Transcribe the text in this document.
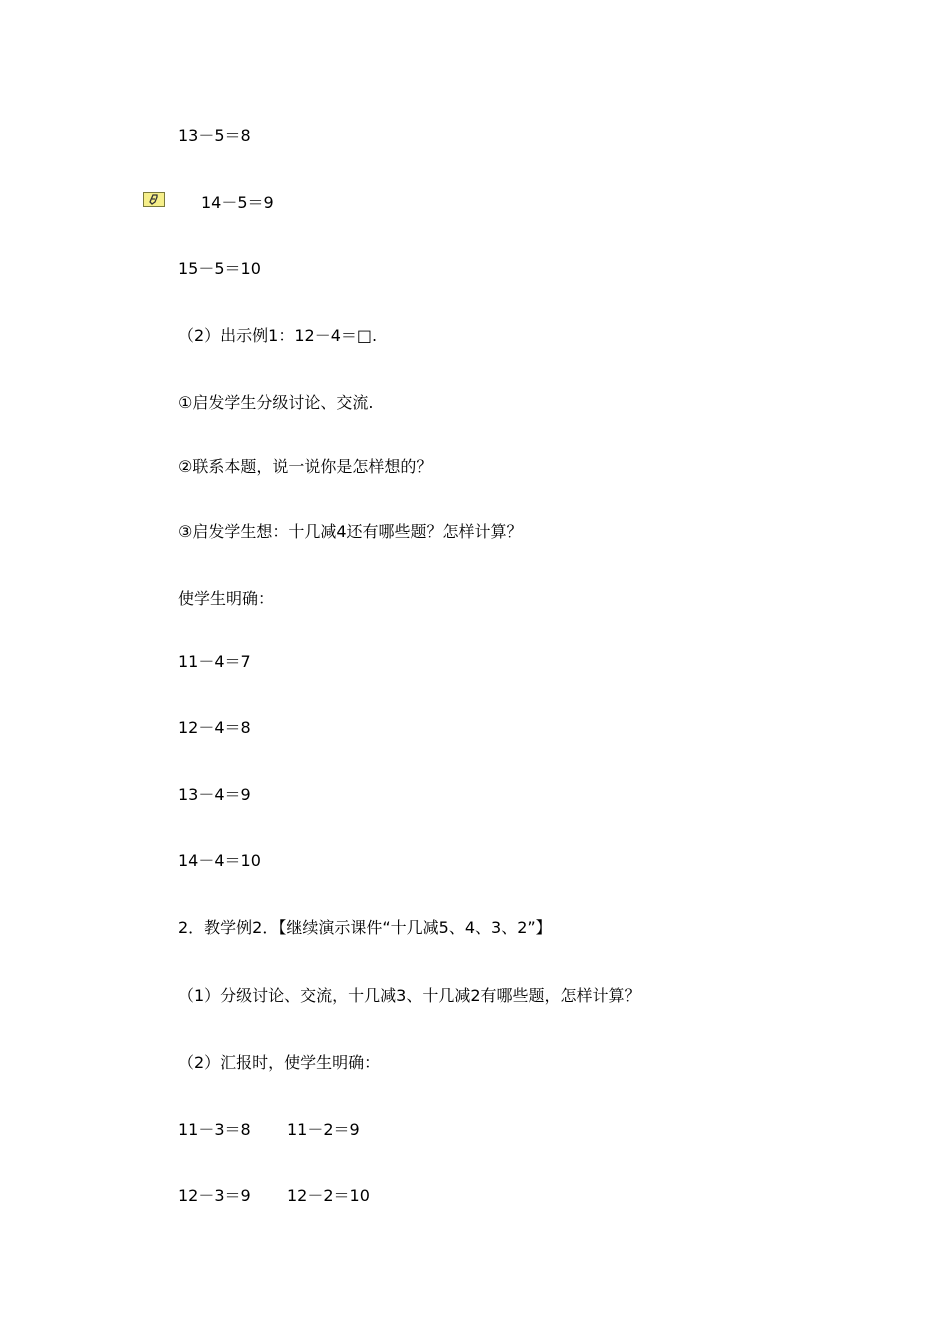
13－5＝8
14－5＝9
15－5＝10
（2）出示例1：12－4＝□.
①启发学生分级讨论、交流.
②联系本题，说一说你是怎样想的？
③启发学生想：十几减4还有哪些题？怎样计算？
使学生明确：
11－4＝7
12－4＝8
13－4＝9
14－4＝10
2．教学例2．【继续演示课件“十几减5、4、3、2”】
（1）分级讨论、交流，十几减3、十几减2有哪些题，怎样计算？
（2）汇报时，使学生明确：
11－3＝8 11－2＝9
12－3＝9 12－2＝10
